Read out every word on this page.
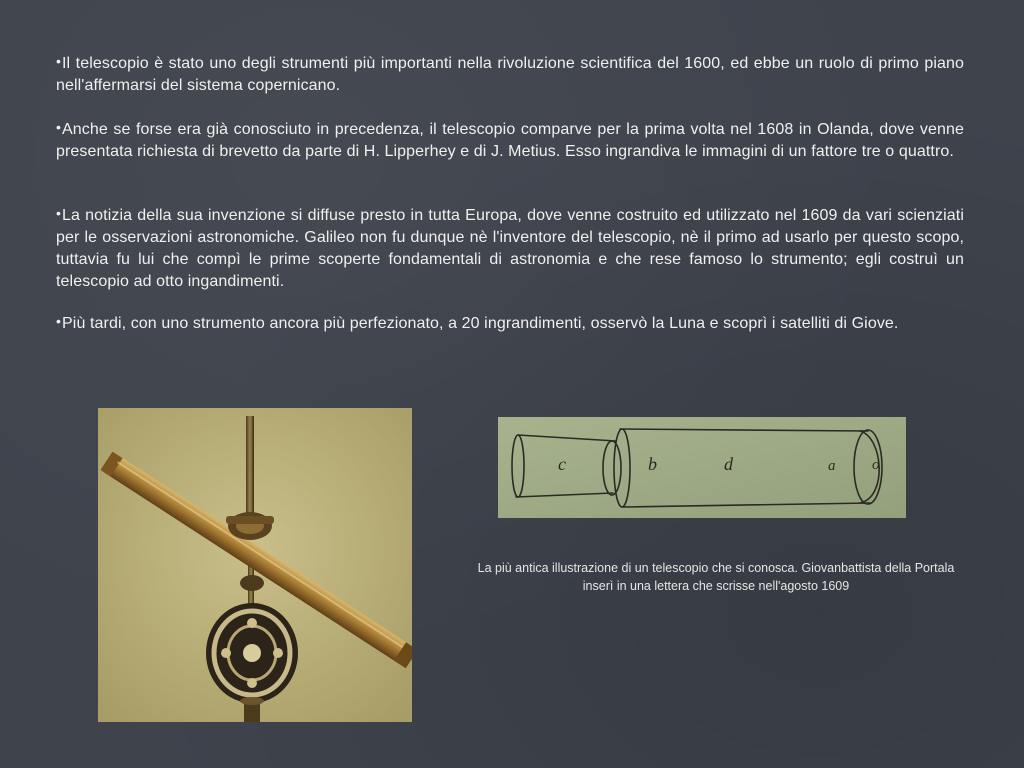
•Il telescopio è stato uno degli strumenti più importanti nella rivoluzione scientifica del 1600, ed ebbe un ruolo di primo piano nell'affermarsi del sistema copernicano.

•Anche se forse era già conosciuto in precedenza, il telescopio comparve per la prima volta nel 1608 in Olanda, dove venne presentata richiesta di brevetto da parte di H. Lipperhey e di J. Metius. Esso ingrandiva le immagini di un fattore tre o quattro.

•La notizia della sua invenzione si diffuse presto in tutta Europa, dove venne costruito ed utilizzato nel 1609 da vari scienziati per le osservazioni astronomiche. Galileo non fu dunque nè l'inventore del telescopio, nè il primo ad usarlo per questo scopo, tuttavia fu lui che compì le prime scoperte fondamentali di astronomia e che rese famoso lo strumento; egli costruì un telescopio ad otto ingandimenti.

•Più tardi, con uno strumento ancora più perfezionato, a 20 ingrandimenti, osservò la Luna e scoprì i satelliti di Giove.

c	b	d	a o

La più antica illustrazione di un telescopio che si conosca. Giovanbattista della Portala inserì in una lettera che scrisse nell'agosto 1609
